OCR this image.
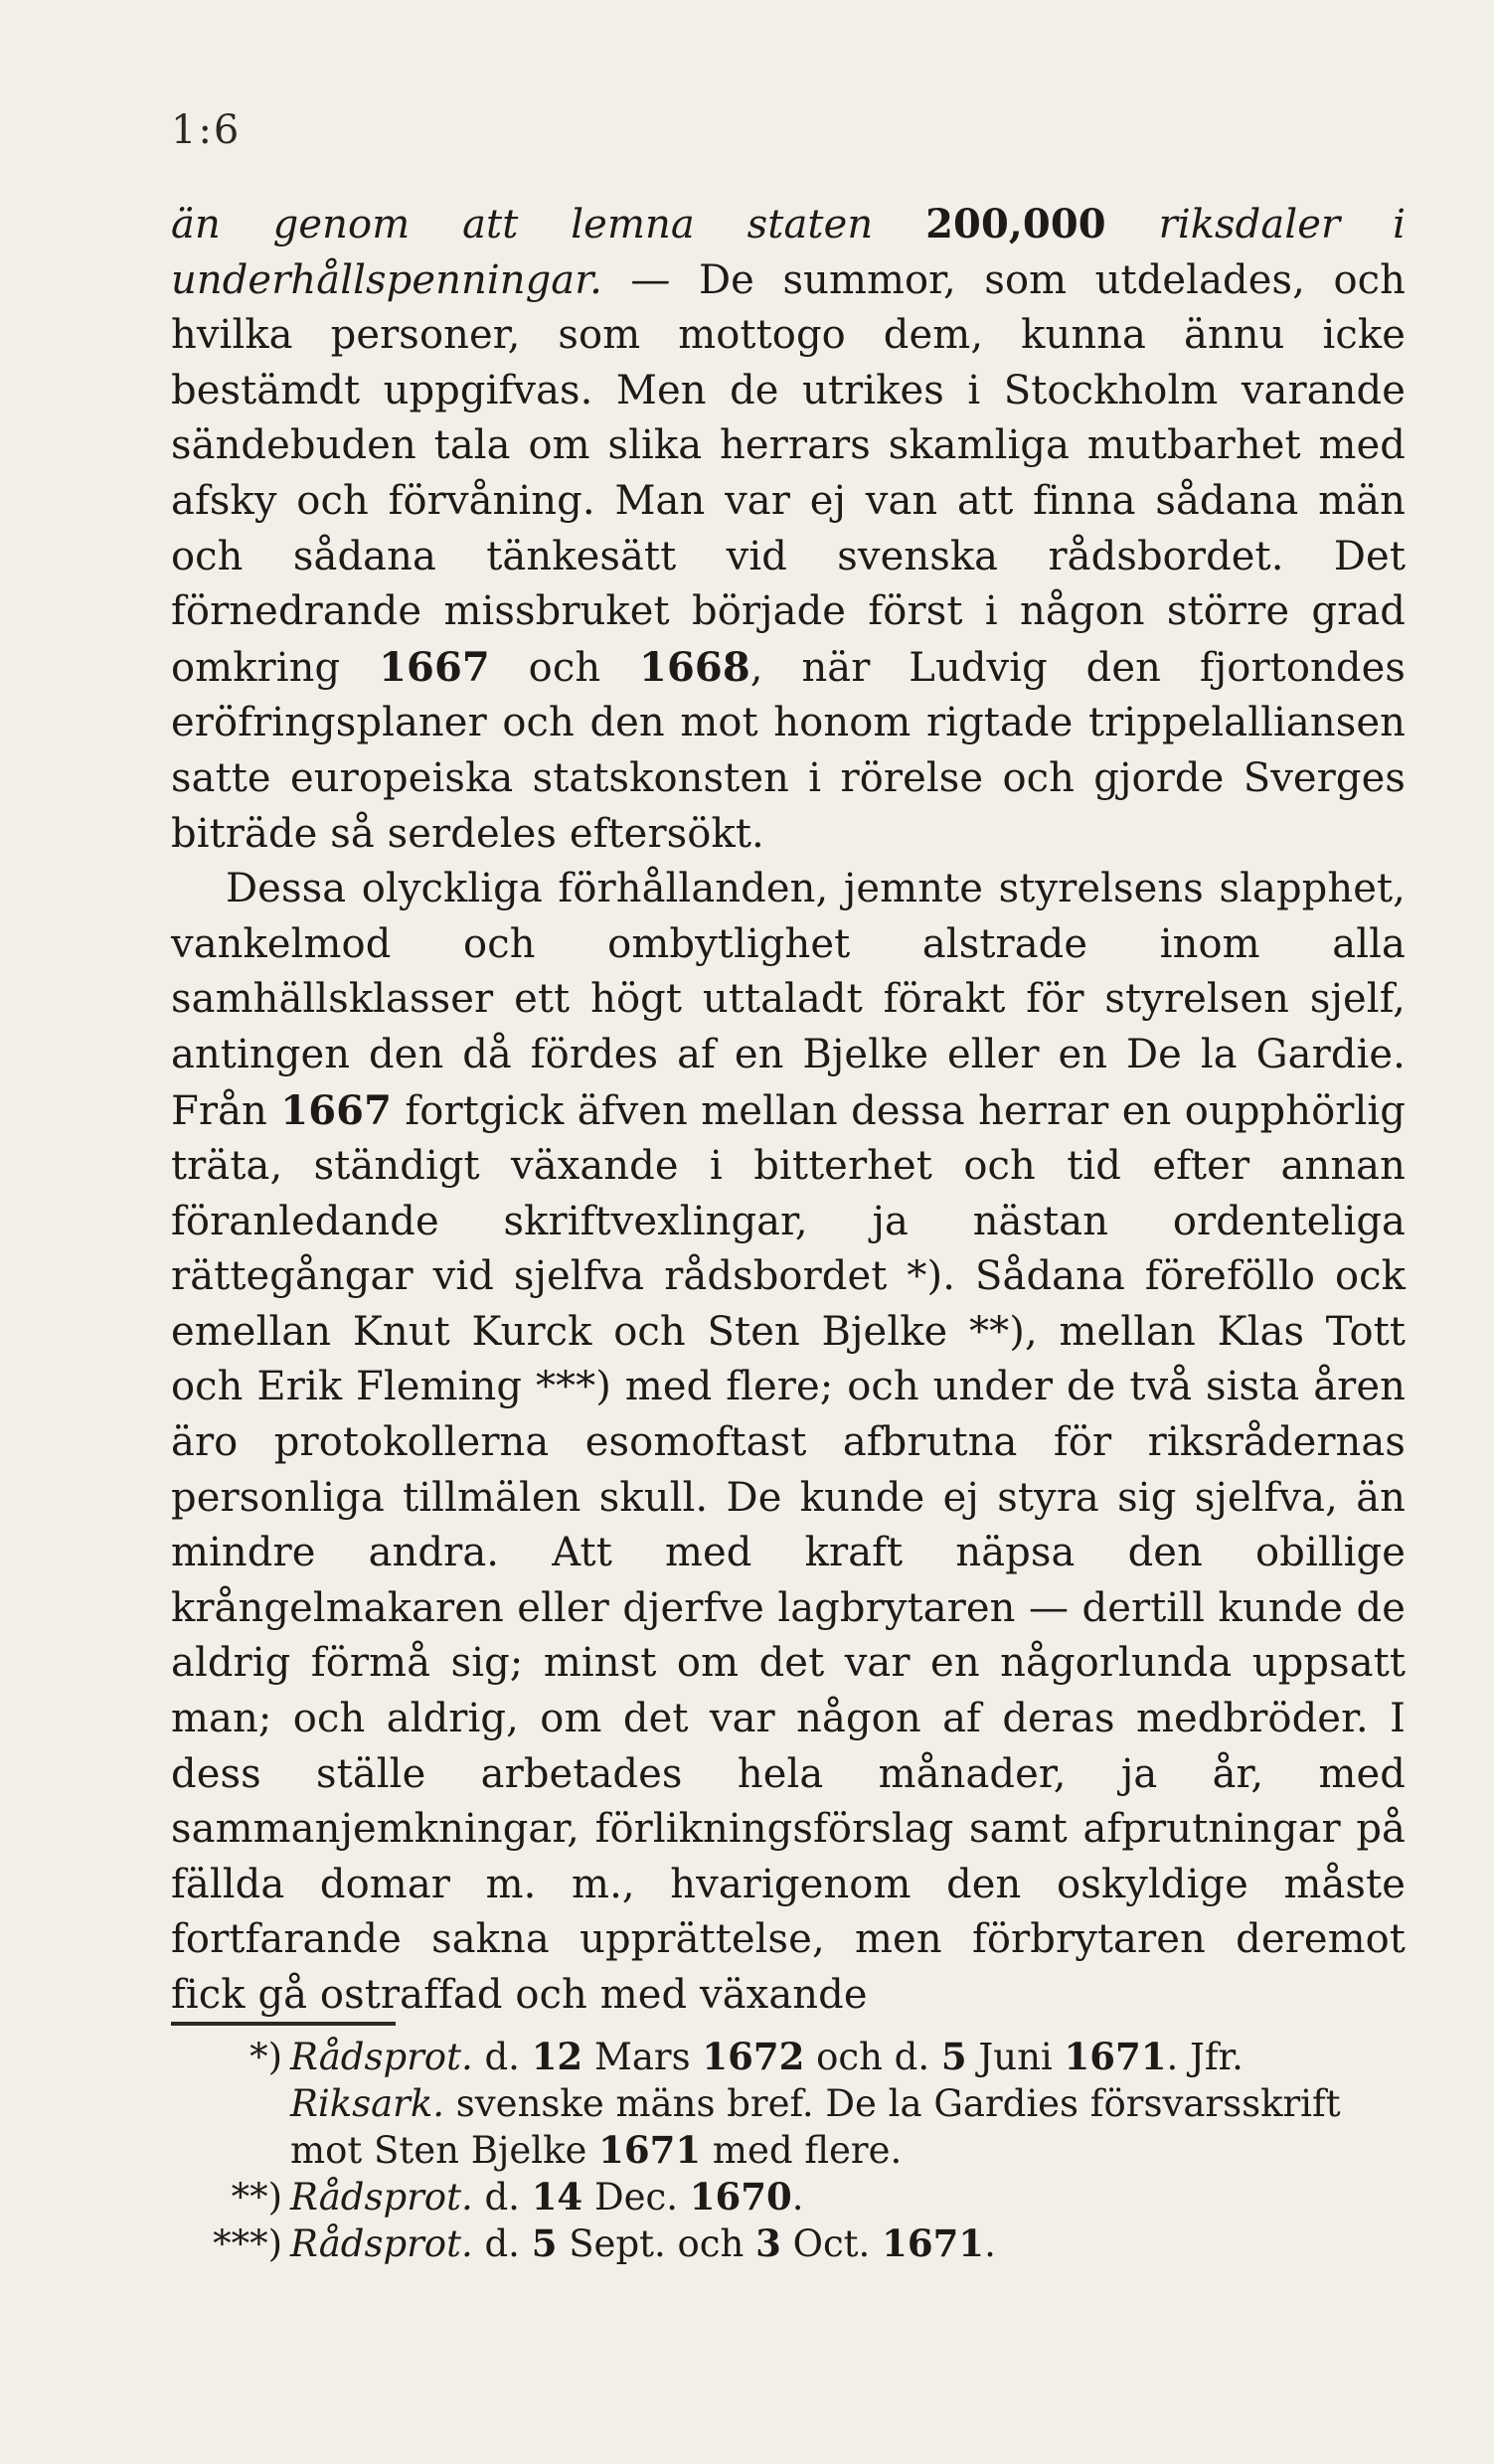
1:6

än genom att lemna staten 200,000 riksdaler i underhållspenningar. — De summor, som utdelades, och hvilka personer, som mottogo dem, kunna ännu icke bestämdt uppgifvas. Men de utrikes i Stockholm varande sändebuden tala om slika herrars skamliga mutbarhet med afsky och förvåning. Man var ej van att finna sådana män och sådana tänkesätt vid svenska rådsbordet. Det förnedrande missbruket började först i någon större grad omkring 1667 och 1668, när Ludvig den fjortondes eröfringsplaner och den mot honom rigtade trippelalliansen satte europeiska statskonsten i rörelse och gjorde Sverges biträde så serdeles eftersökt.

Dessa olyckliga förhållanden, jemnte styrelsens slapphet, vankelmod och ombytlighet alstrade inom alla samhällsklasser ett högt uttaladt förakt för styrelsen sjelf, antingen den då fördes af en Bjelke eller en De la Gardie. Från 1667 fortgick äfven mellan dessa herrar en oupphörlig träta, ständigt växande i bitterhet och tid efter annan föranledande skriftvexlingar, ja nästan ordenteliga rättegångar vid sjelfva rådsbordet *). Sådana föreföllo ock emellan Knut Kurck och Sten Bjelke **), mellan Klas Tott och Erik Fleming ***) med flere; och under de två sista åren äro protokollerna esomoftast afbrutna för riksrådernas personliga tillmälen skull. De kunde ej styra sig sjelfva, än mindre andra. Att med kraft näpsa den obillige krångelmakaren eller djerfve lagbrytaren — dertill kunde de aldrig förmå sig; minst om det var en någorlunda uppsatt man; och aldrig, om det var någon af deras medbröder. I dess ställe arbetades hela månader, ja år, med sammanjemkningar, förlikningsförslag samt afprutningar på fällda domar m. m., hvarigenom den oskyldige måste fortfarande sakna upprättelse, men förbrytaren deremot fick gå ostraffad och med växande

*) Rådsprot. d. 12 Mars 1672 och d. 5 Juni 1671. Jfr. Riksark. svenske mäns bref. De la Gardies försvarsskrift mot Sten Bjelke 1671 med flere.
**) Rådsprot. d. 14 Dec. 1670.
***) Rådsprot. d. 5 Sept. och 3 Oct. 1671.
